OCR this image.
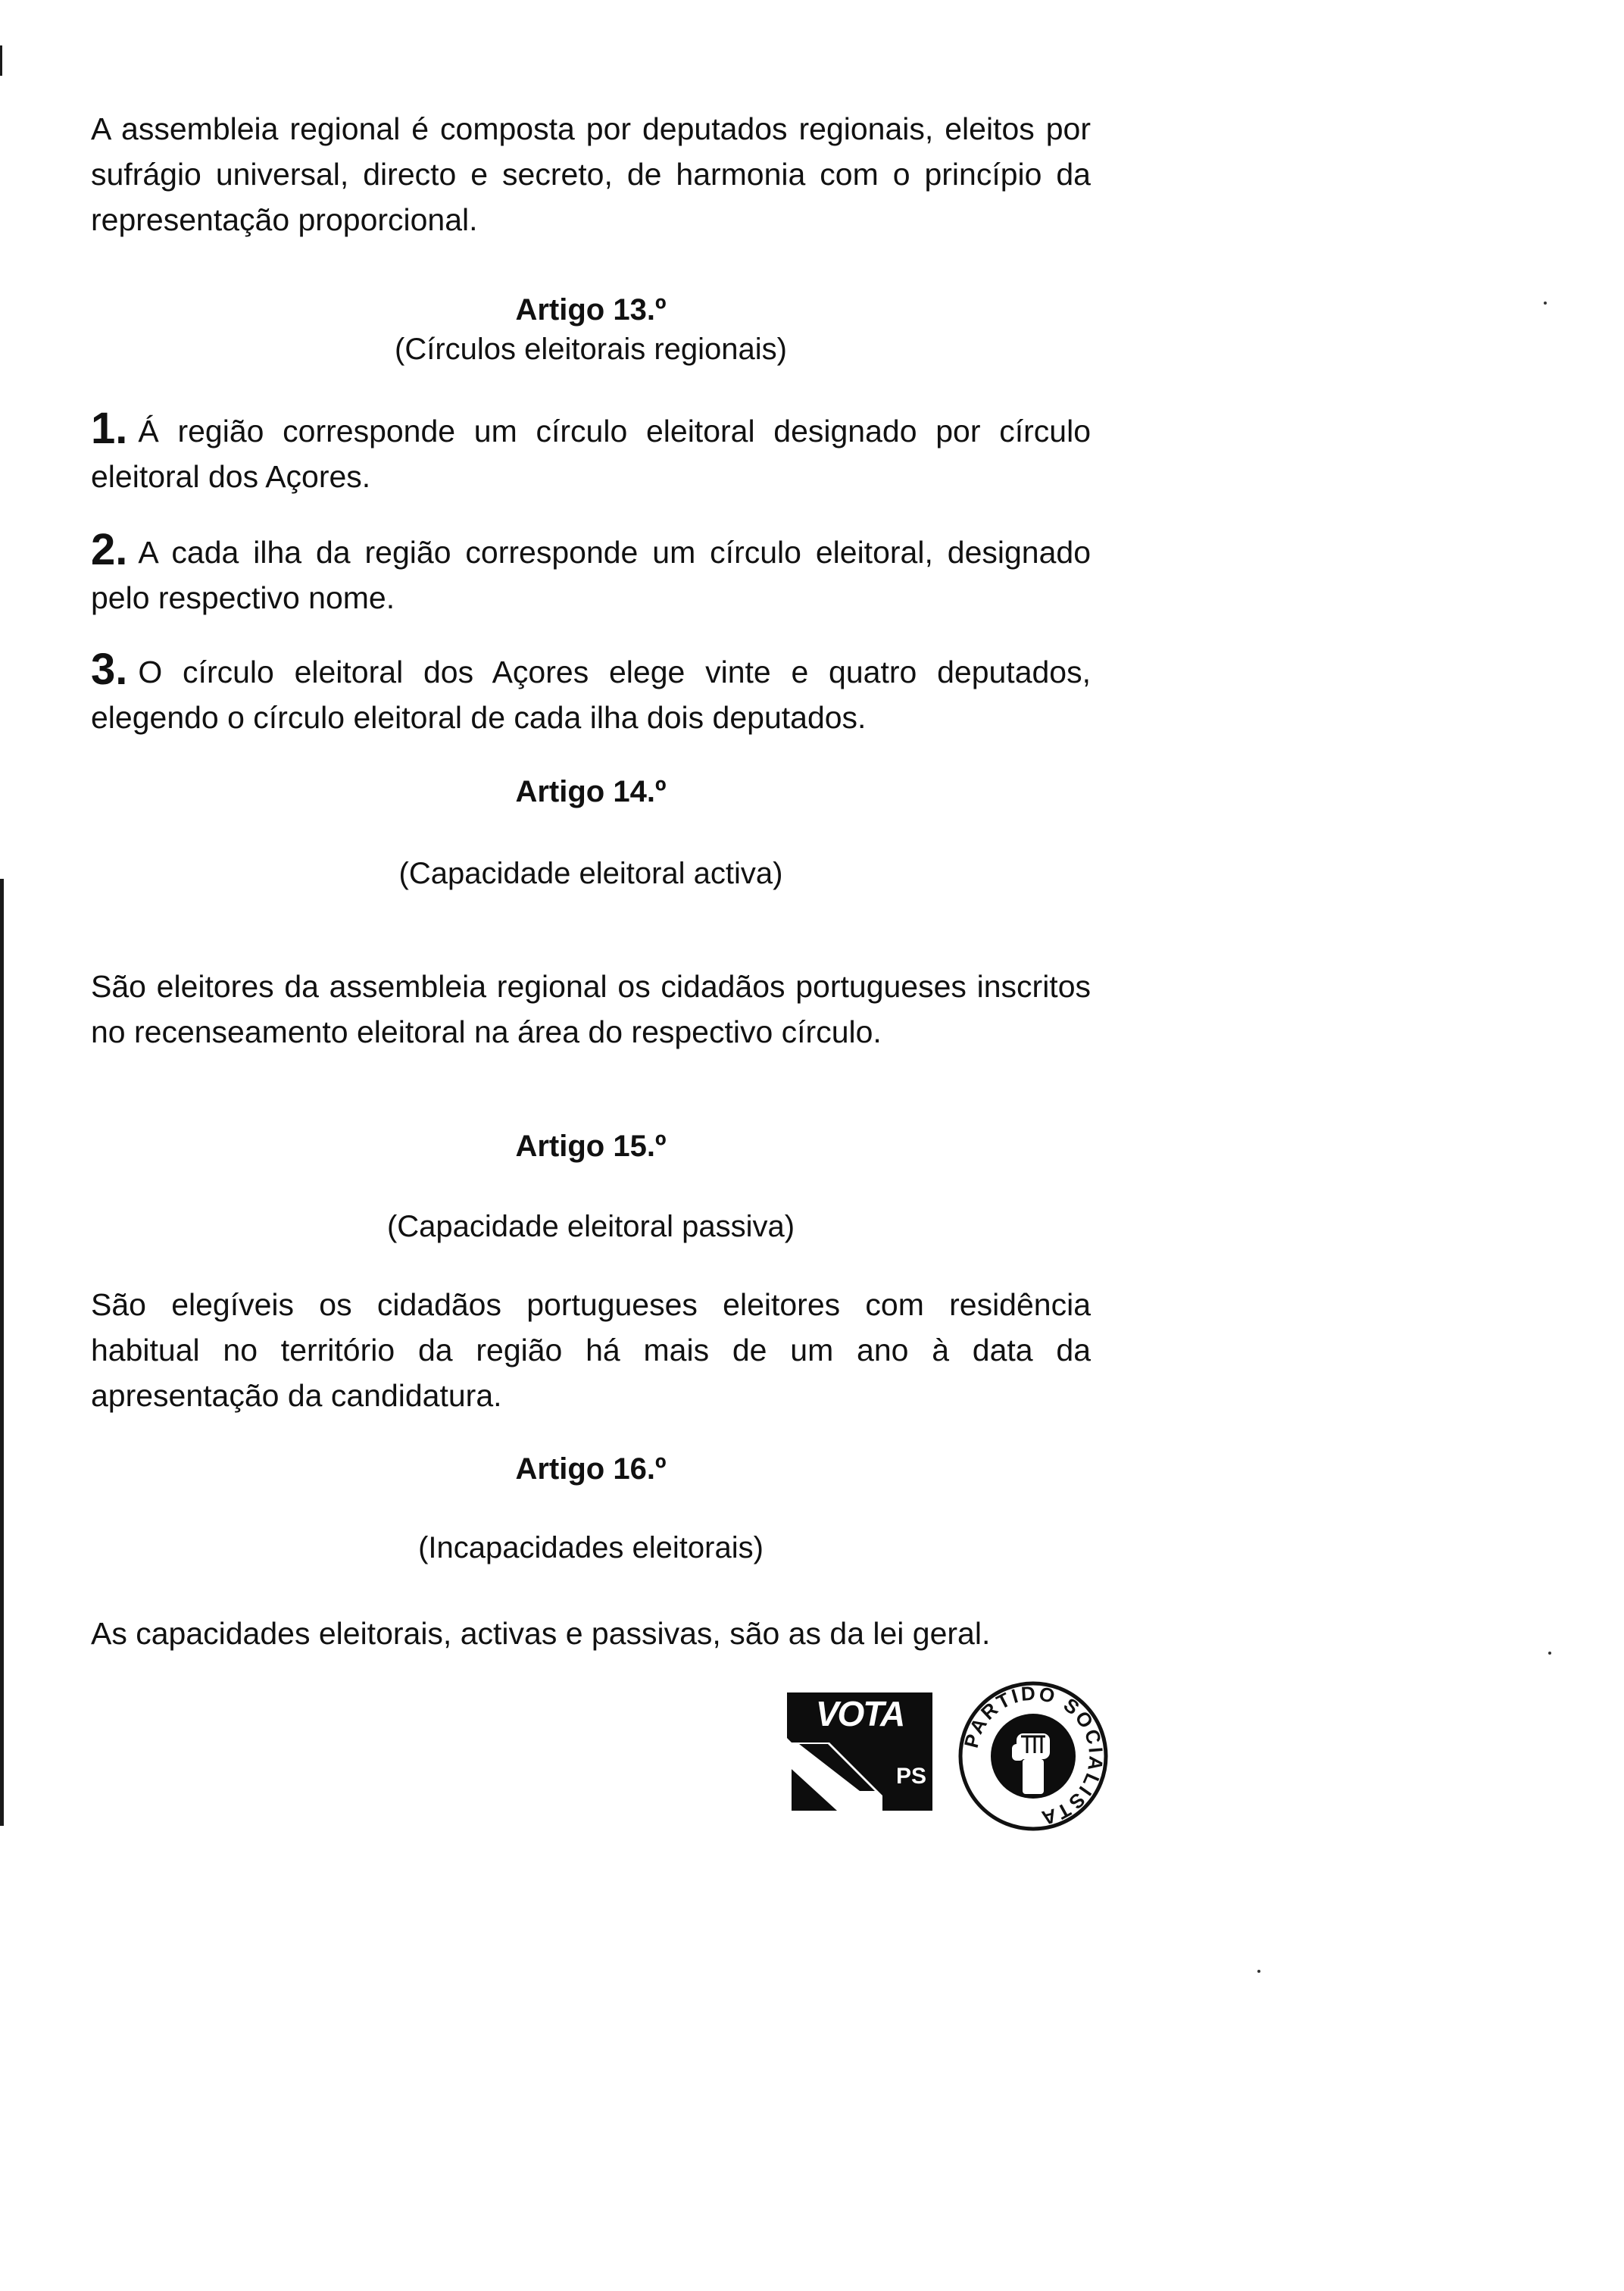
A assembleia regional é composta por deputados regionais, eleitos por sufrágio universal, directo e secreto, de harmonia com o princípio da representação proporcional.

Artigo 13.º
(Círculos eleitorais regionais)

1. Á região corresponde um círculo eleitoral designado por círculo eleitoral dos Açores.

2. A cada ilha da região corresponde um círculo eleitoral, designado pelo respectivo nome.

3. O círculo eleitoral dos Açores elege vinte e quatro deputados, elegendo o círculo eleitoral de cada ilha dois deputados.

Artigo 14.º
(Capacidade eleitoral activa)

São eleitores da assembleia regional os cidadãos portugueses inscritos no recenseamento eleitoral na área do respectivo círculo.

Artigo 15.º
(Capacidade eleitoral passiva)

São elegíveis os cidadãos portugueses eleitores com residência habitual no território da região há mais de um ano à data da apresentação da candidatura.

Artigo 16.º
(Incapacidades eleitorais)

As capacidades eleitorais, activas e passivas, são as da lei geral.

VOTA
PS
PARTIDO SOCIALISTA
